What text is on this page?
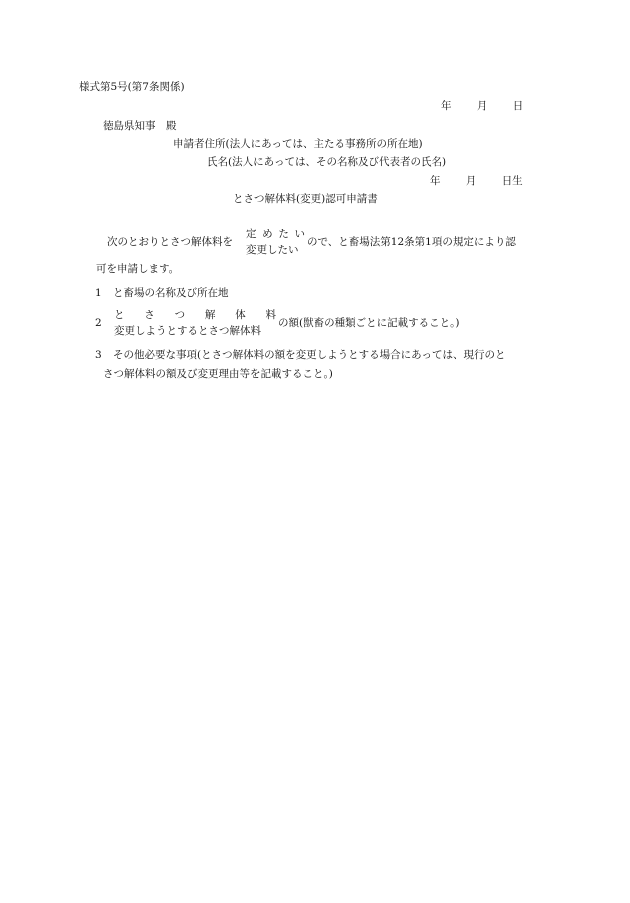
様式第5号(第7条関係)
年 月 日
徳島県知事　殿
申請者住所(法人にあっては、主たる事務所の所在地)
氏名(法人にあっては、その名称及び代表者の氏名)
年 月 日生
とさつ解体料(変更)認可申請書
次のとおりとさつ解体料を
定 め た い
変更したい
ので、と畜場法第12条第1項の規定により認
可を申請します。
1 と畜場の名称及び所在地
2
と さ つ 解 体 料
変更しようとするとさつ解体料
の額(獣畜の種類ごとに記載すること。)
3 その他必要な事項(とさつ解体料の額を変更しようとする場合にあっては、現行のと
さつ解体料の額及び変更理由等を記載すること。)
